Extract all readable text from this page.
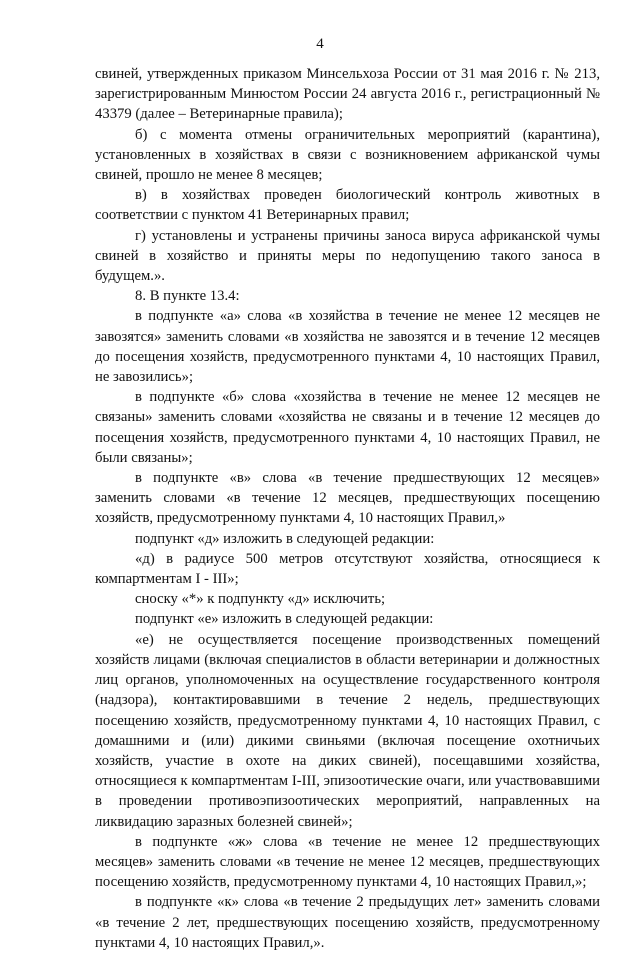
4

свиней, утвержденных приказом Минсельхоза России от 31 мая 2016 г. № 213, зарегистрированным Минюстом России 24 августа 2016 г., регистрационный № 43379 (далее – Ветеринарные правила);

б) с момента отмены ограничительных мероприятий (карантина), установленных в хозяйствах в связи с возникновением африканской чумы свиней, прошло не менее 8 месяцев;

в) в хозяйствах проведен биологический контроль животных в соответствии с пунктом 41 Ветеринарных правил;

г) установлены и устранены причины заноса вируса африканской чумы свиней в хозяйство и приняты меры по недопущению такого заноса в будущем.».

8. В пункте 13.4:

в подпункте «а» слова «в хозяйства в течение не менее 12 месяцев не завозятся» заменить словами «в хозяйства не завозятся и в течение 12 месяцев до посещения хозяйств, предусмотренного пунктами 4, 10 настоящих Правил, не завозились»;

в подпункте «б» слова «хозяйства в течение не менее 12 месяцев не связаны» заменить словами «хозяйства не связаны и в течение 12 месяцев до посещения хозяйств, предусмотренного пунктами 4, 10 настоящих Правил, не были связаны»;

в подпункте «в» слова «в течение предшествующих 12 месяцев» заменить словами «в течение 12 месяцев, предшествующих посещению хозяйств, предусмотренному пунктами 4, 10 настоящих Правил,»

подпункт «д» изложить в следующей редакции:

«д) в радиусе 500 метров отсутствуют хозяйства, относящиеся к компартментам I - III»;

сноску «*» к подпункту «д» исключить;

подпункт «е» изложить в следующей редакции:

«е) не осуществляется посещение производственных помещений хозяйств лицами (включая специалистов в области ветеринарии и должностных лиц органов, уполномоченных на осуществление государственного контроля (надзора), контактировавшими в течение 2 недель, предшествующих посещению хозяйств, предусмотренному пунктами 4, 10 настоящих Правил, с домашними и (или) дикими свиньями (включая посещение охотничьих хозяйств, участие в охоте на диких свиней), посещавшими хозяйства, относящиеся к компартментам I-III, эпизоотические очаги, или участвовавшими в проведении противоэпизоотических мероприятий, направленных на ликвидацию заразных болезней свиней»;

в подпункте «ж» слова «в течение не менее 12 предшествующих месяцев» заменить словами «в течение не менее 12 месяцев, предшествующих посещению хозяйств, предусмотренному пунктами 4, 10 настоящих Правил,»;

в подпункте «к» слова «в течение 2 предыдущих лет» заменить словами «в течение 2 лет, предшествующих посещению хозяйств, предусмотренному пунктами 4, 10 настоящих Правил,».
